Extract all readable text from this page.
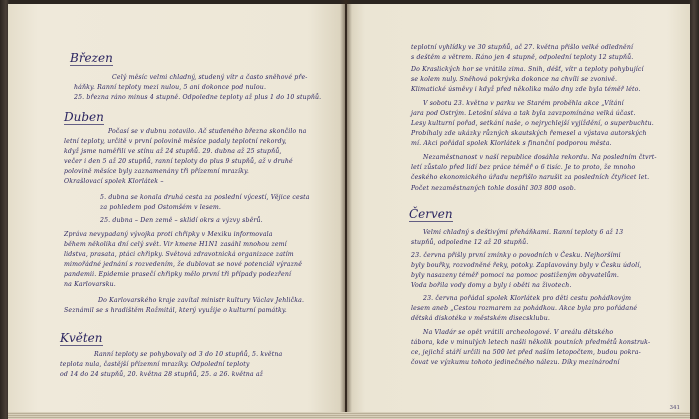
Březen
Duben
Květen
Celý měsíc velmi chladný, studený vítr a často sněhové pře-
háňky. Ranní teploty mezi nulou, 5 ani dokonce pod nulou.
25. března ráno minus 4 stupně. Odpoledne teploty až plus 1 do 10 stupňů.
Počasí se v dubnu zotavilo. Ač studeného března skončilo na
letní teploty, určitě v první polovině měsíce padaly teplotní rekordy,
když jsme naměřili ve stínu až 24 stupňů. 29. dubna až 25 stupňů,
večer i den 5 až 20 stupňů, ranní teploty do plus 9 stupňů, až v druhé
polovině měsíce byly zaznamenány tři přízemní mrazíky.
Okrašlovací spolek Klorlátek –
5. dubna se konala druhá cesta za poslední výcestí, Vějice cesta
za pohledem pod Ostomšém v lesem.
25. dubna – Den země – sklidí okrs a výzvy sběrů.
Zpráva nevypadaný vývojka proti chřipky v Mexiku informovala
během několika dní celý svět. Vir kmene H1N1 zasáhl mnohou zemí
lidstva, prasata, ptáci chřipky. Světová zdravotnická organizace zatím
mimořádné jednání s rozvedením, že dublovat se nové potenciál výrazně
pandemii. Epidemie prasečí chřipky mělo první tři případy podezření
na Karlovarsku.
Do Karlovarského kraje zavítal ministr kultury Václav Jehlička.
Seznámil se s hradištěm Rožmitál, který využije o kulturní památky.
Ranní teploty se pohybovaly od 3 do 10 stupňů, 5. května
teplota nula, častější přízemní mrazíky. Odpolední teploty
od 14 do 24 stupňů, 20. května 28 stupňů, 25. a 26. května až
teplotní vyhlídky ve 30 stupňů, ač 27. května přišlo velké odlednění
s deštěm a větrem. Ráno jen 4 stupně, odpolední teploty 12 stupňů.
Do Kraslických hor se vrátila zima. Snih, déšť, vítr a teploty pohybující
se kolem nuly. Sněhová pokrývka dokonce na chvíli se zvonivě.
Klimatické úsměvy i když před několika málo dny zde byla téměř léto.
V sobotu 23. května v parku ve Starém proběhla akce „Vítání
jara pod Ostrým. Letošní sláva a tak byla zavzpomínána velká účast.
Lesy kulturní pořad, setkání naše, o nejrychlejší vyjíždění, o superbuchtu.
Probíhaly zde ukázky různých skautských řemesel a výstava autorských
mí. Akci pořádal spolek Klorlátek s finanční podporou města.
Nezaměstnanost v naší republice dosáhla rekordu. Na posledním čtvrt-
letí zůstalo před lidí bez práce téměř o 6 tisíc. Je to proto, že mnoho
českého ekonomického úřadu nepřišlo narušit za posledních čtyřicet let.
Počet nezaměstnaných tohle dosáhl 303 800 osob.
Červen
Velmi chladný s deštivými přeháňkami. Ranní teploty 6 až 13
stupňů, odpoledne 12 až 20 stupňů.
23. června přišly první zmínky o povodních v Česku. Nejhoršími
byly bouřky, rozvodněné řeky, potoky. Zaplavovány byly v Česku údolí,
byly nasazeny téměř pomoci na pomoc postiženým obyvatelům.
Voda bořila vody domy a byly i oběti na životech.
23. června pořádal spolek Klorlátek pro děti cestu pohádkovým
lesem aneb „Cestou rozmarem za pohádkou. Akce byla pro pořádané
dětská diskotéka v městském disecsklubu.
Na Vladár se opět vrátili archeologové. V areálu dětského
tábora, kde v minulých letech našli několik poutních předmětů konstruk-
ce, jejichž stáří určili na 500 let před naším letopočtem, budou pokra-
čovat ve výzkumu tohoto jedinečného nálezu. Díky mezinárodní
341
